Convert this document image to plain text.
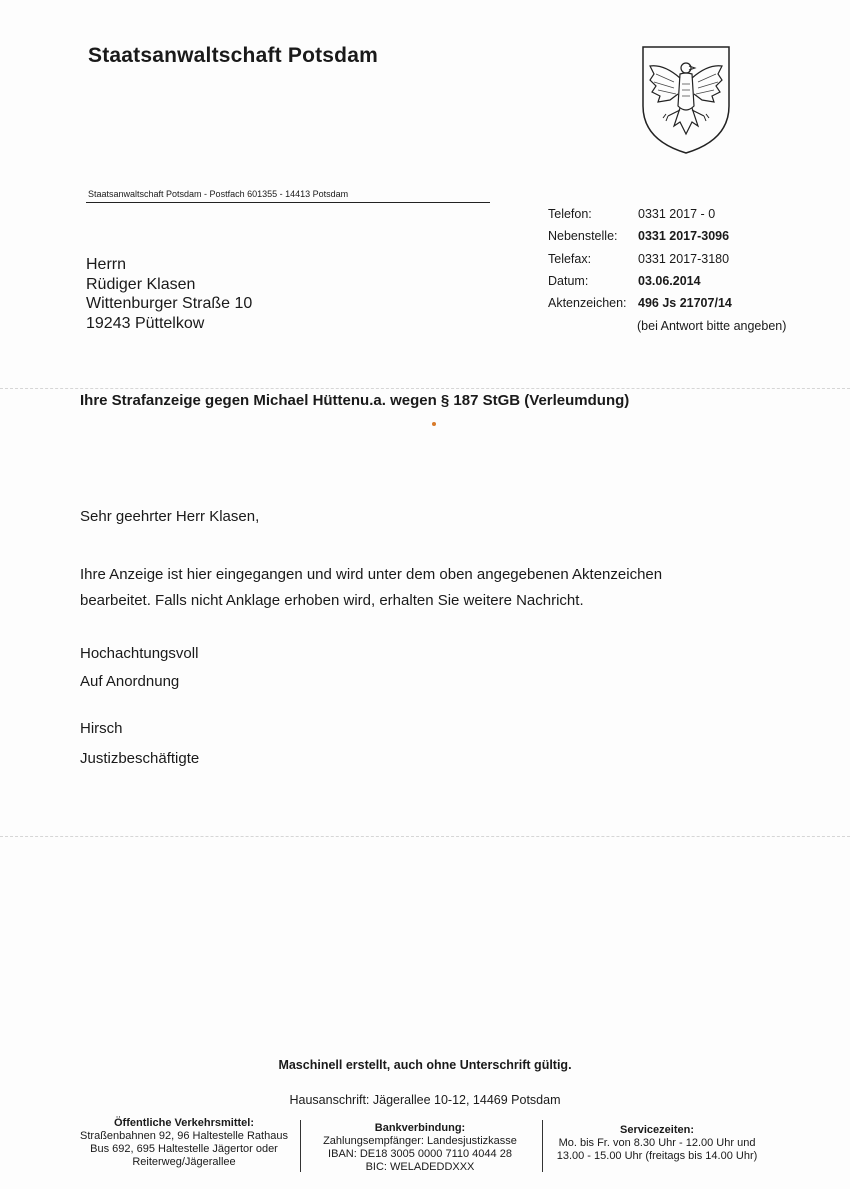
Staatsanwaltschaft Potsdam
Staatsanwaltschaft Potsdam - Postfach 601355 - 14413 Potsdam
Herrn
Rüdiger Klasen
Wittenburger Straße 10
19243 Püttelkow
Telefon:	0331 2017 - 0
Nebenstelle:	0331 2017-3096
Telefax:	0331 2017-3180
Datum:	03.06.2014
Aktenzeichen: 496 Js 21707/14
(bei Antwort bitte angeben)
Ihre Strafanzeige gegen Michael Hüttenu.a. wegen § 187 StGB (Verleumdung)
Sehr geehrter Herr Klasen,
Ihre Anzeige ist hier eingegangen und wird unter dem oben angegebenen Aktenzeichen
bearbeitet. Falls nicht Anklage erhoben wird, erhalten Sie weitere Nachricht.
Hochachtungsvoll
Auf Anordnung
Hirsch
Justizbeschäftigte
Maschinell erstellt, auch ohne Unterschrift gültig.
Hausanschrift: Jägerallee 10-12, 14469 Potsdam
Öffentliche Verkehrsmittel:
Straßenbahnen 92, 96 Haltestelle Rathaus
Bus 692, 695 Haltestelle Jägertor oder
Reiterweg/Jägerallee
Bankverbindung:
Zahlungsempfänger: Landesjustizkasse
IBAN: DE18 3005 0000 7110 4044 28
BIC: WELADEDDXXX
Servicezeiten:
Mo. bis Fr. von 8.30 Uhr - 12.00 Uhr und
13.00 - 15.00 Uhr (freitags bis 14.00 Uhr)
